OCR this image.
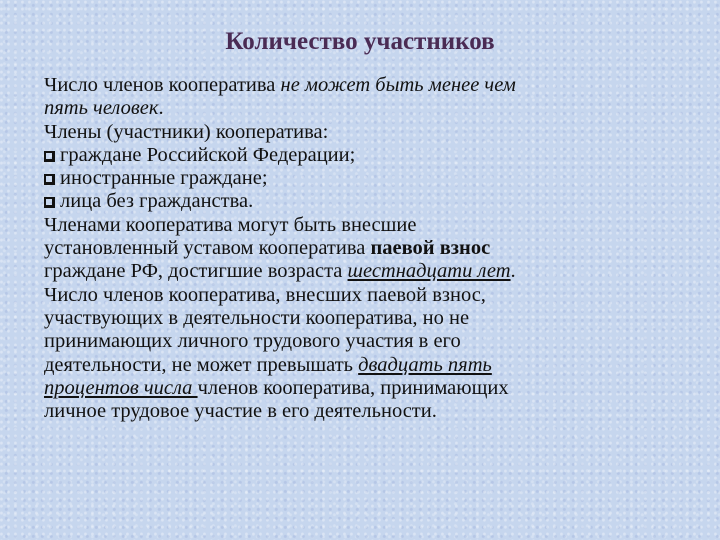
Количество участников
Число членов кооператива не может быть менее чем
пять человек.
Члены (участники) кооператива:
граждане Российской Федерации;
иностранные граждане;
лица без гражданства.
Членами кооператива могут быть внесшие
установленный уставом кооператива паевой взнос
граждане РФ, достигшие возраста шестнадцати лет.
Число членов кооператива, внесших паевой взнос,
участвующих в деятельности кооператива, но не
принимающих личного трудового участия в его
деятельности, не может превышать двадцать пять
процентов числа членов кооператива, принимающих
личное трудовое участие в его деятельности.
